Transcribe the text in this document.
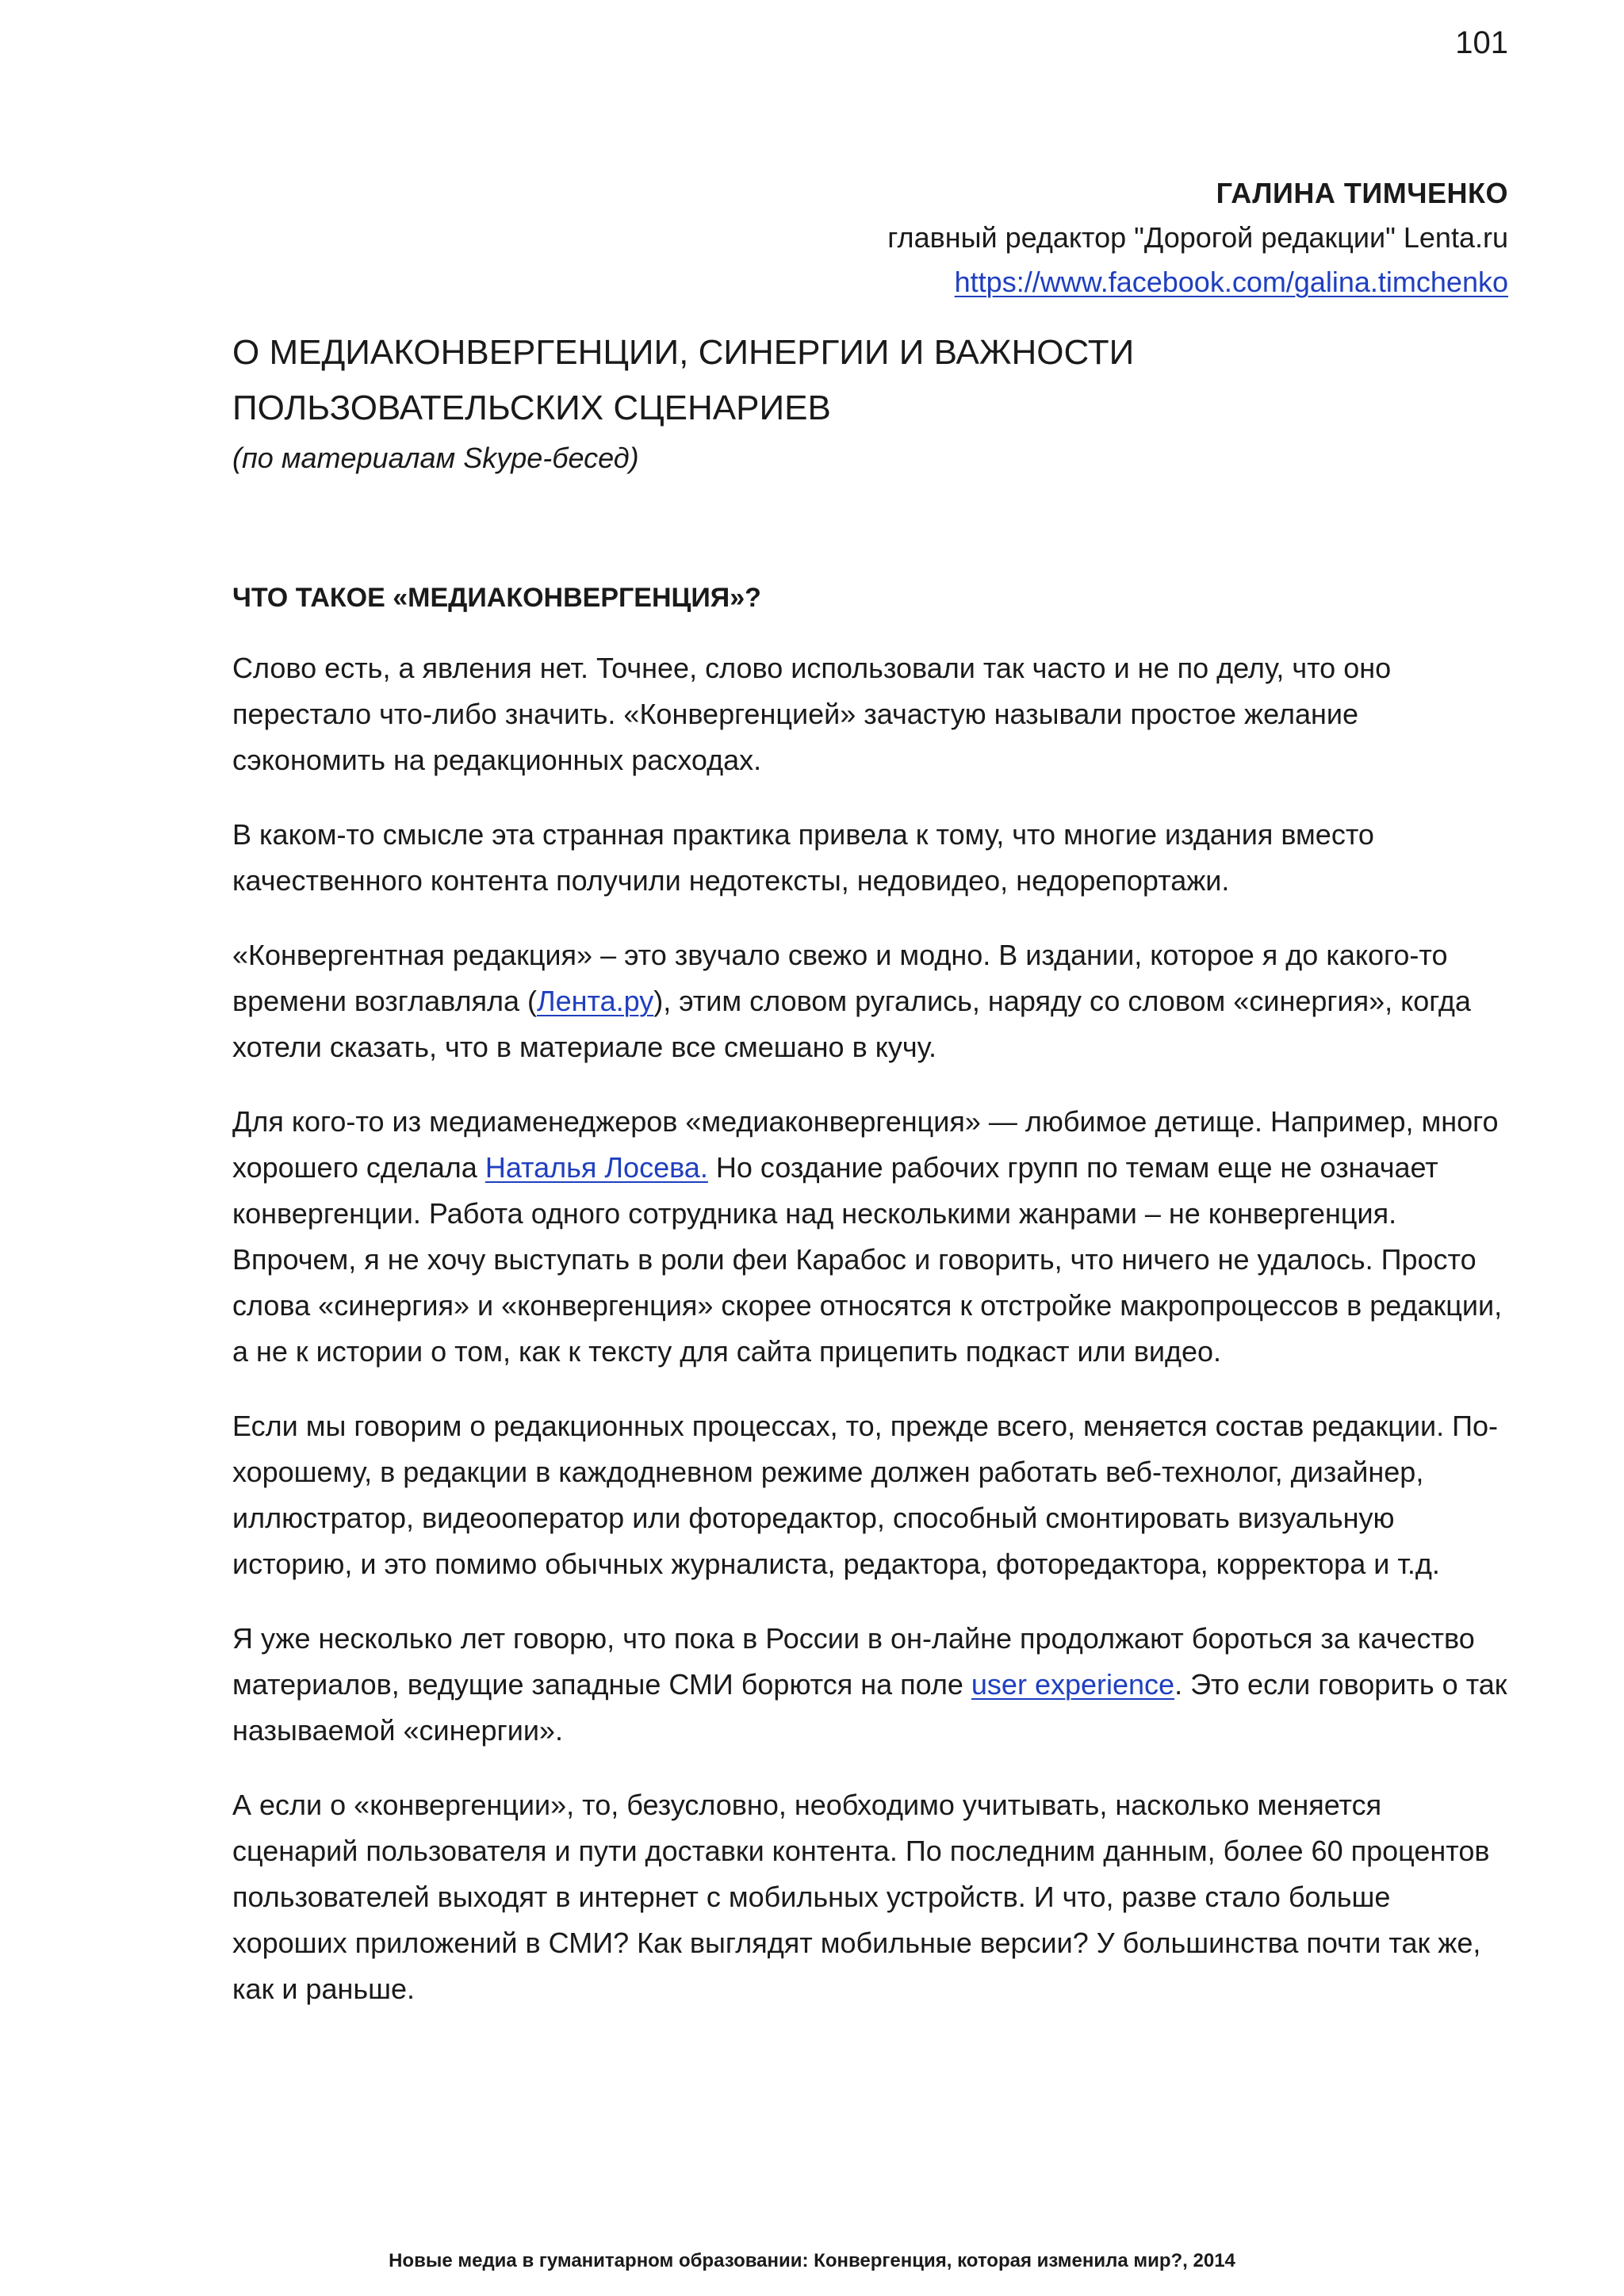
101
ГАЛИНА ТИМЧЕНКО
главный редактор "Дорогой редакции" Lenta.ru
https://www.facebook.com/galina.timchenko
О МЕДИАКОНВЕРГЕНЦИИ, СИНЕРГИИ И ВАЖНОСТИ ПОЛЬЗОВАТЕЛЬСКИХ СЦЕНАРИЕВ

(по материалам Skype-бесед)

ЧТО ТАКОЕ «МЕДИАКОНВЕРГЕНЦИЯ»?

Слово есть, а явления нет. Точнее, слово использовали так часто и не по делу, что оно перестало что-либо значить. «Конвергенцией» зачастую называли простое желание сэкономить на редакционных расходах.

В каком-то смысле эта странная практика привела к тому, что многие издания вместо качественного контента получили недотексты, недовидео, недорепортажи.

«Конвергентная редакция» – это звучало свежо и модно. В издании, которое я до какого-то времени возглавляла (Лента.ру), этим словом ругались, наряду со словом «синергия», когда хотели сказать, что в материале все смешано в кучу.

Для кого-то из медиаменеджеров «медиаконвергенция» — любимое детище. Например, много хорошего сделала Наталья Лосева. Но создание рабочих групп по темам еще не означает конвергенции. Работа одного сотрудника над несколькими жанрами – не конвергенция. Впрочем, я не хочу выступать в роли феи Карабос и говорить, что ничего не удалось. Просто слова «синергия» и «конвергенция» скорее относятся к отстройке макропроцессов в редакции, а не к истории о том, как к тексту для сайта прицепить подкаст или видео.

Если мы говорим о редакционных процессах, то, прежде всего, меняется состав редакции. По-хорошему, в редакции в каждодневном режиме должен работать веб-технолог, дизайнер, иллюстратор, видеооператор или фоторедактор, способный смонтировать визуальную историю, и это помимо обычных журналиста, редактора, фоторедактора, корректора и т.д.

Я уже несколько лет говорю, что пока в России в он-лайне продолжают бороться за качество материалов, ведущие западные СМИ борются на поле user experience. Это если говорить о так называемой «синергии».

А если о «конвергенции», то, безусловно, необходимо учитывать, насколько меняется сценарий пользователя и пути доставки контента. По последним данным, более 60 процентов пользователей выходят в интернет с мобильных устройств. И что, разве стало больше хороших приложений в СМИ? Как выглядят мобильные версии? У большинства почти так же, как и раньше.

Новые медиа в гуманитарном образовании: Конвергенция, которая изменила мир?, 2014
